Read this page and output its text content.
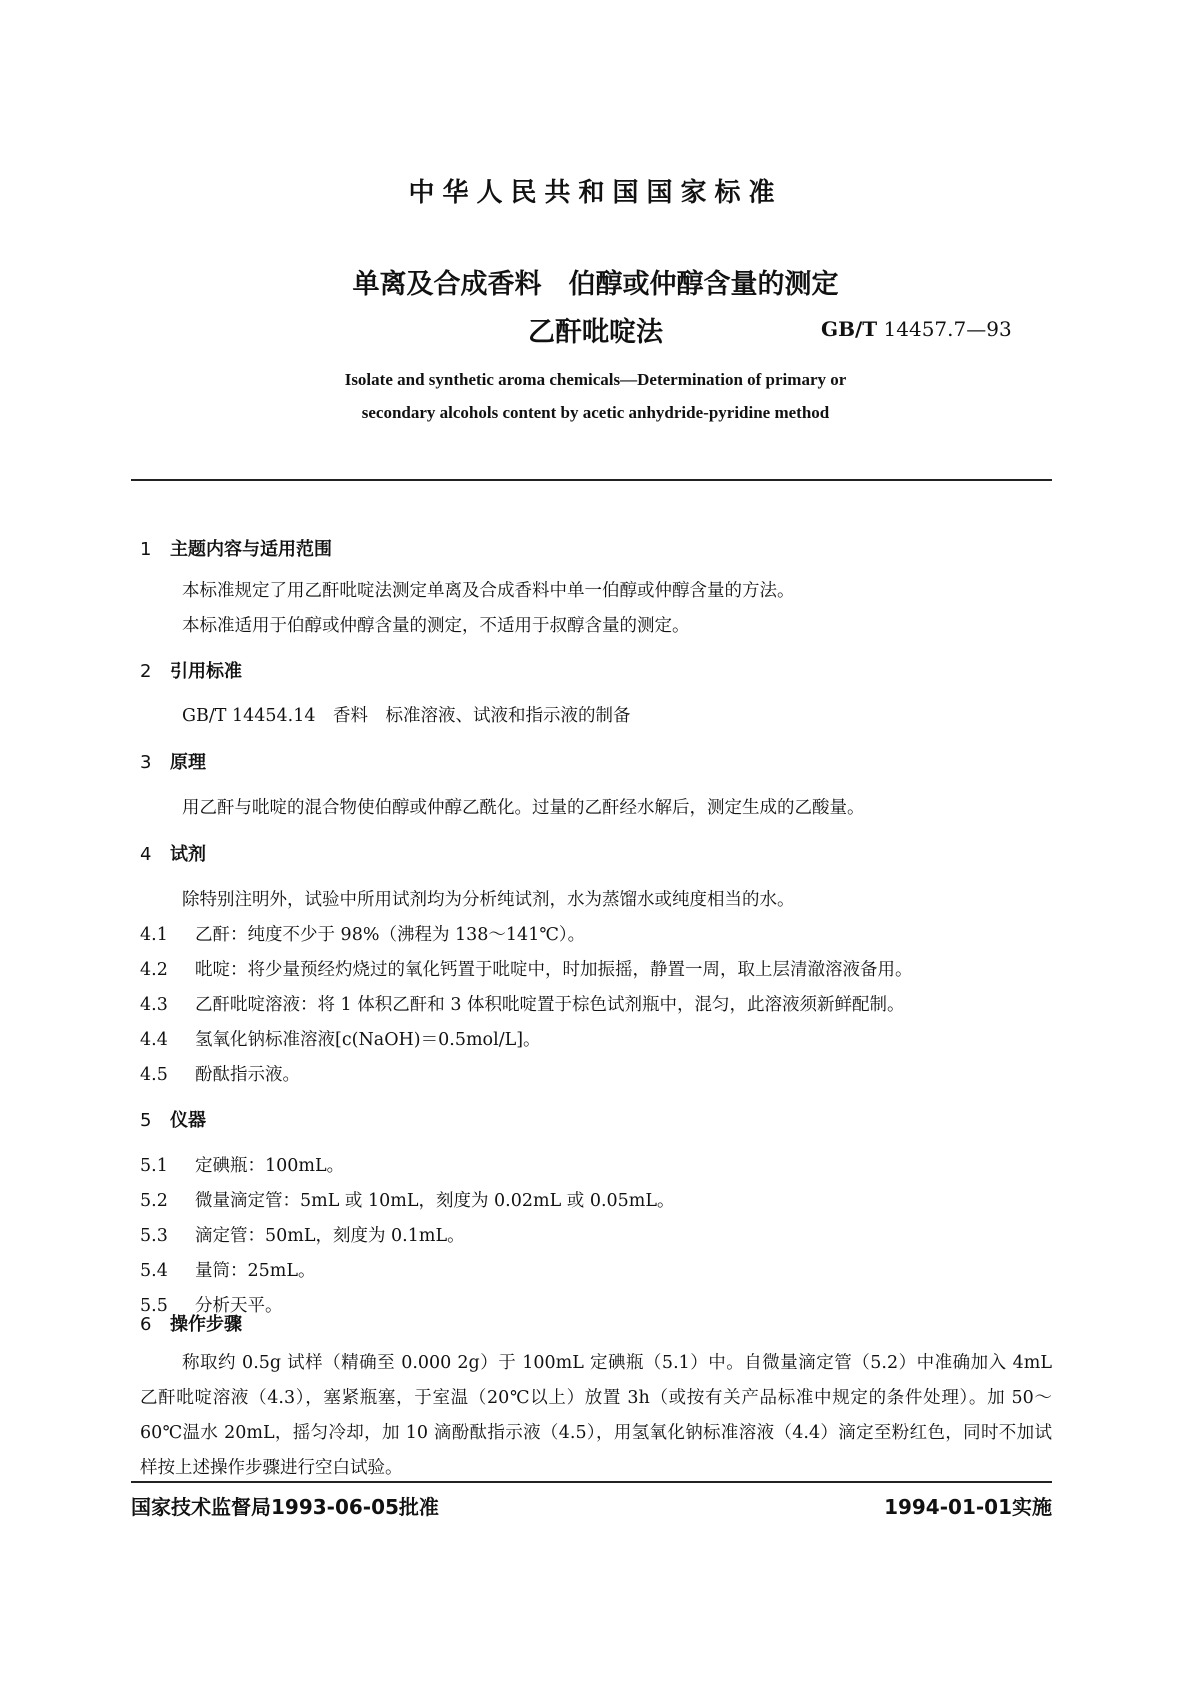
中华人民共和国国家标准
单离及合成香料　伯醇或仲醇含量的测定
乙酐吡啶法	GB/T 14457.7—93
Isolate and synthetic aroma chemicals—Determination of primary or
secondary alcohols content by acetic anhydride-pyridine method
1 主题内容与适用范围
本标准规定了用乙酐吡啶法测定单离及合成香料中单一伯醇或仲醇含量的方法。
本标准适用于伯醇或仲醇含量的测定，不适用于叔醇含量的测定。
2 引用标准
GB/T 14454.14　香料　标准溶液、试液和指示液的制备
3 原理
用乙酐与吡啶的混合物使伯醇或仲醇乙酰化。过量的乙酐经水解后，测定生成的乙酸量。
4 试剂
除特别注明外，试验中所用试剂均为分析纯试剂，水为蒸馏水或纯度相当的水。
4.1 乙酐：纯度不少于 98%（沸程为 138～141℃）。
4.2 吡啶：将少量预经灼烧过的氧化钙置于吡啶中，时加振摇，静置一周，取上层清澈溶液备用。
4.3 乙酐吡啶溶液：将 1 体积乙酐和 3 体积吡啶置于棕色试剂瓶中，混匀，此溶液须新鲜配制。
4.4 氢氧化钠标准溶液[c(NaOH)＝0.5mol/L]。
4.5 酚酞指示液。
5 仪器
5.1 定碘瓶：100mL。
5.2 微量滴定管：5mL 或 10mL，刻度为 0.02mL 或 0.05mL。
5.3 滴定管：50mL，刻度为 0.1mL。
5.4 量筒：25mL。
5.5 分析天平。
6 操作步骤
称取约 0.5g 试样（精确至 0.000 2g）于 100mL 定碘瓶（5.1）中。自微量滴定管（5.2）中准确加入 4mL 乙酐吡啶溶液（4.3），塞紧瓶塞，于室温（20℃以上）放置 3h（或按有关产品标准中规定的条件处理）。加 50～60℃温水 20mL，摇匀冷却，加 10 滴酚酞指示液（4.5），用氢氧化钠标准溶液（4.4）滴定至粉红色，同时不加试样按上述操作步骤进行空白试验。
国家技术监督局1993-06-05批准	1994-01-01实施
